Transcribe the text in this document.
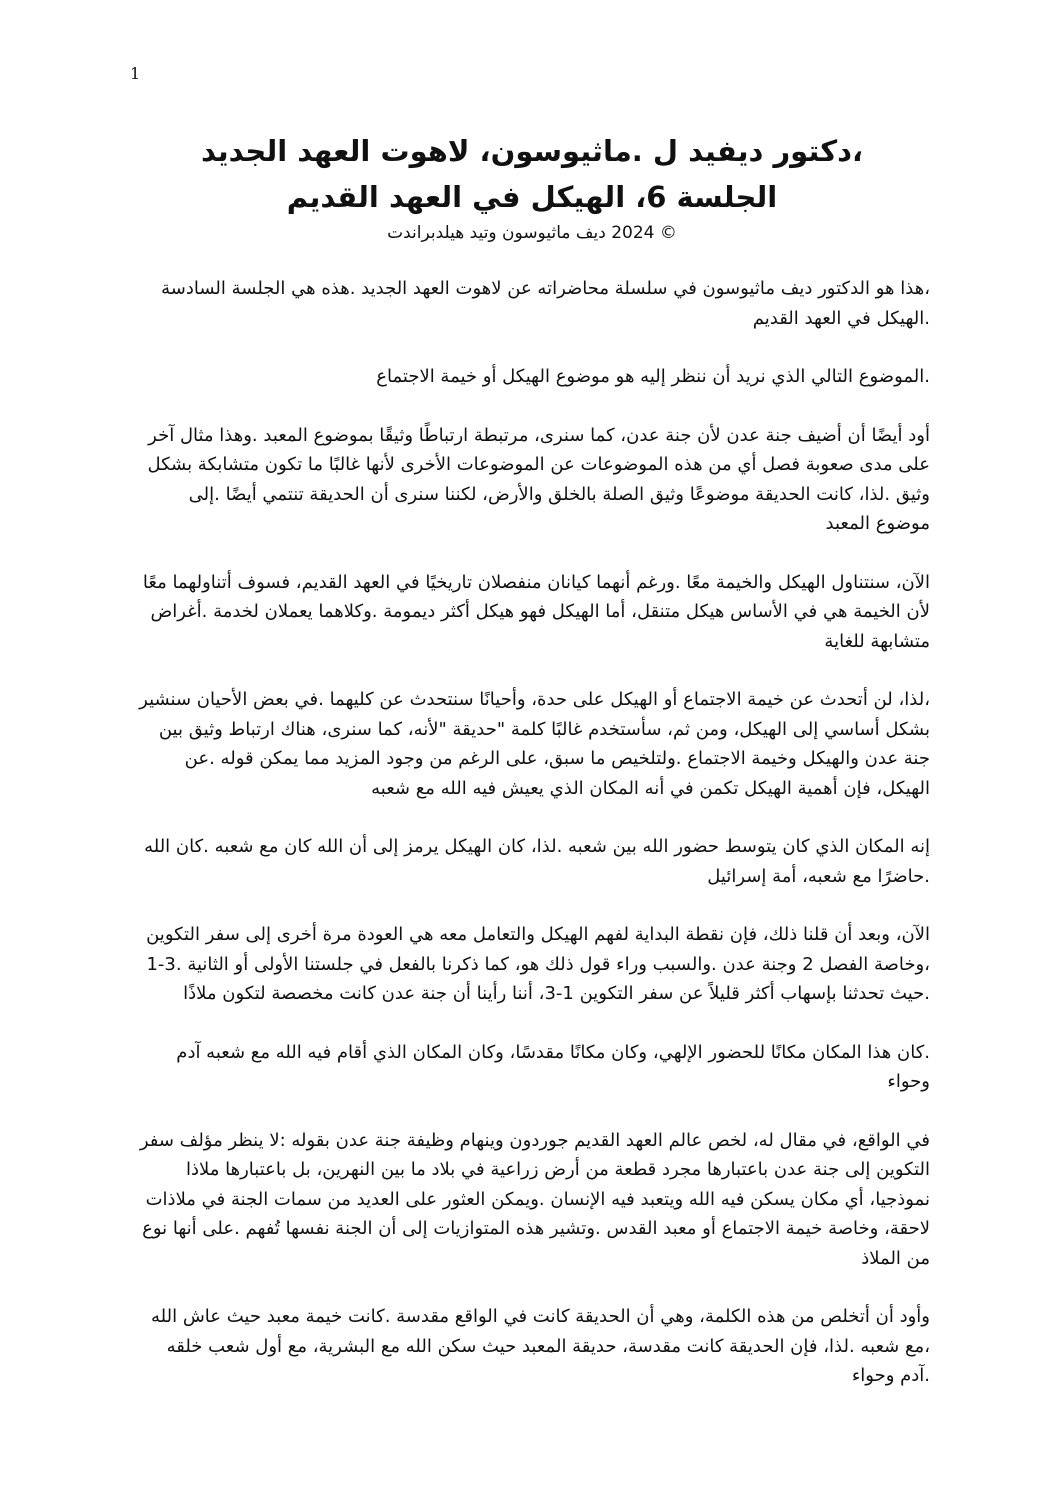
1

،دكتور ديفيد ل .ماثيوسون، لاهوت العهد الجديد

الجلسة 6، الهيكل في العهد القديم

© 2024 ديف ماثيوسون وتيد هيلدبراندت

،هذا هو الدكتور ديف ماثيوسون في سلسلة محاضراته عن لاهوت العهد الجديد .هذه هي الجلسة السادسة .الهيكل في العهد القديم

.الموضوع التالي الذي نريد أن ننظر إليه هو موضوع الهيكل أو خيمة الاجتماع

أود أيضًا أن أضيف جنة عدن لأن جنة عدن، كما سنرى، مرتبطة ارتباطًا وثيقًا بموضوع المعبد .وهذا مثال آخر على مدى صعوبة فصل أي من هذه الموضوعات عن الموضوعات الأخرى لأنها غالبًا ما تكون متشابكة بشكل وثيق .لذا، كانت الحديقة موضوعًا وثيق الصلة بالخلق والأرض، لكننا سنرى أن الحديقة تنتمي أيضًا .إلى موضوع المعبد

الآن، سنتناول الهيكل والخيمة معًا .ورغم أنهما كيانان منفصلان تاريخيًا في العهد القديم، فسوف أتناولهما معًا لأن الخيمة هي في الأساس هيكل متنقل، أما الهيكل فهو هيكل أكثر ديمومة .وكلاهما يعملان لخدمة .أغراض متشابهة للغاية

،لذا، لن أتحدث عن خيمة الاجتماع أو الهيكل على حدة، وأحيانًا سنتحدث عن كليهما .في بعض الأحيان سنشير بشكل أساسي إلى الهيكل، ومن ثم، سأستخدم غالبًا كلمة "حديقة "لأنه، كما سنرى، هناك ارتباط وثيق بين جنة عدن والهيكل وخيمة الاجتماع .ولتلخيص ما سبق، على الرغم من وجود المزيد مما يمكن قوله .عن الهيكل، فإن أهمية الهيكل تكمن في أنه المكان الذي يعيش فيه الله مع شعبه

إنه المكان الذي كان يتوسط حضور الله بين شعبه .لذا، كان الهيكل يرمز إلى أن الله كان مع شعبه .كان الله .حاضرًا مع شعبه، أمة إسرائيل

الآن، وبعد أن قلنا ذلك، فإن نقطة البداية لفهم الهيكل والتعامل معه هي العودة مرة أخرى إلى سفر التكوين ،وخاصة الفصل 2 وجنة عدن .والسبب وراء قول ذلك هو، كما ذكرنا بالفعل في جلستنا الأولى أو الثانية .3-1 .حيث تحدثنا بإسهاب أكثر قليلاً عن سفر التكوين 1-3، أننا رأينا أن جنة عدن كانت مخصصة لتكون ملاذًا

.كان هذا المكان مكانًا للحضور الإلهي، وكان مكانًا مقدسًا، وكان المكان الذي أقام فيه الله مع شعبه آدم وحواء

في الواقع، في مقال له، لخص عالم العهد القديم جوردون وينهام وظيفة جنة عدن بقوله :لا ينظر مؤلف سفر التكوين إلى جنة عدن باعتبارها مجرد قطعة من أرض زراعية في بلاد ما بين النهرين، بل باعتبارها ملاذا نموذجيا، أي مكان يسكن فيه الله ويتعبد فيه الإنسان .ويمكن العثور على العديد من سمات الجنة في ملاذات لاحقة، وخاصة خيمة الاجتماع أو معبد القدس .وتشير هذه المتوازيات إلى أن الجنة نفسها تُفهم .على أنها نوع من الملاذ

وأود أن أتخلص من هذه الكلمة، وهي أن الحديقة كانت في الواقع مقدسة .كانت خيمة معبد حيث عاش الله ،مع شعبه .لذا، فإن الحديقة كانت مقدسة، حديقة المعبد حيث سكن الله مع البشرية، مع أول شعب خلقه .آدم وحواء
